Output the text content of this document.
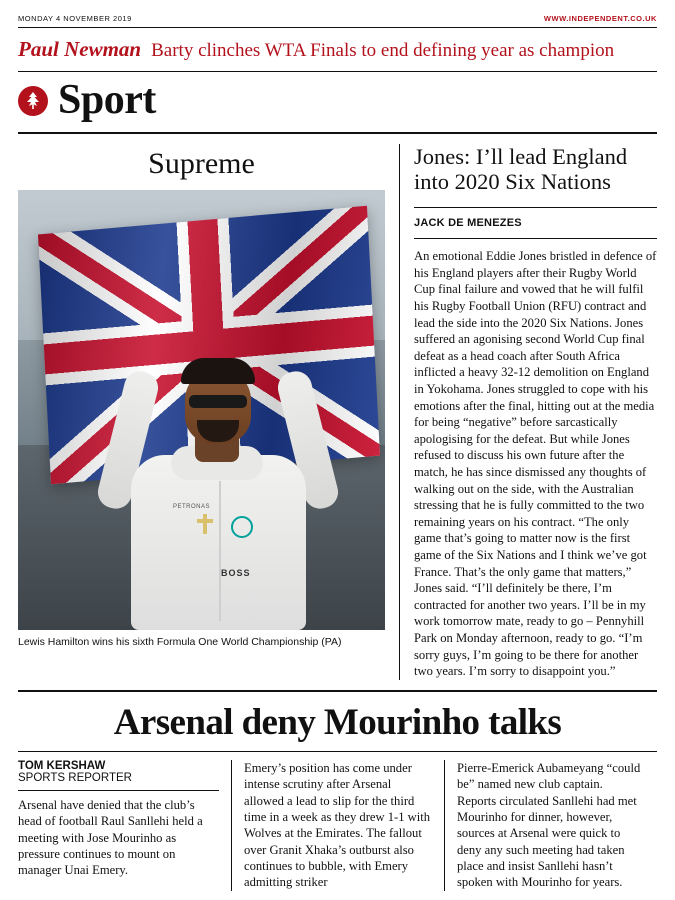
MONDAY 4 NOVEMBER 2019	WWW.INDEPENDENT.CO.UK
Paul Newman Barty clinches WTA Finals to end defining year as champion
Sport
Supreme
PETRONAS
BOSS
Lewis Hamilton wins his sixth Formula One World Championship (PA)
Jones: I’ll lead England into 2020 Six Nations
JACK DE MENEZES

An emotional Eddie Jones bristled in defence of his England players after their Rugby World Cup final failure and vowed that he will fulfil his Rugby Football Union (RFU) contract and lead the side into the 2020 Six Nations. Jones suffered an agonising second World Cup final defeat as a head coach after South Africa inflicted a heavy 32-12 demolition on England in Yokohama. Jones struggled to cope with his emotions after the final, hitting out at the media for being “negative” before sarcastically apologising for the defeat. But while Jones refused to discuss his own future after the match, he has since dismissed any thoughts of walking out on the side, with the Australian stressing that he is fully committed to the two remaining years on his contract. “The only game that’s going to matter now is the first game of the Six Nations and I think we’ve got France. That’s the only game that matters,” Jones said. “I’ll definitely be there, I’m contracted for another two years. I’ll be in my work tomorrow mate, ready to go – Pennyhill Park on Monday afternoon, ready to go. “I’m sorry guys, I’m going to be there for another two years. I’m sorry to disappoint you.”

Arsenal deny Mourinho talks
TOM KERSHAW
SPORTS REPORTER
Arsenal have denied that the club’s head of football Raul Sanllehi held a meeting with Jose Mourinho as pressure continues to mount on manager Unai Emery.
Emery’s position has come under intense scrutiny after Arsenal allowed a lead to slip for the third time in a week as they drew 1-1 with Wolves at the Emirates. The fallout over Granit Xhaka’s outburst also continues to bubble, with Emery admitting striker
Pierre-Emerick Aubameyang “could be” named new club captain. Reports circulated Sanllehi had met Mourinho for dinner, however, sources at Arsenal were quick to deny any such meeting had taken place and insist Sanllehi hasn’t spoken with Mourinho for years.
